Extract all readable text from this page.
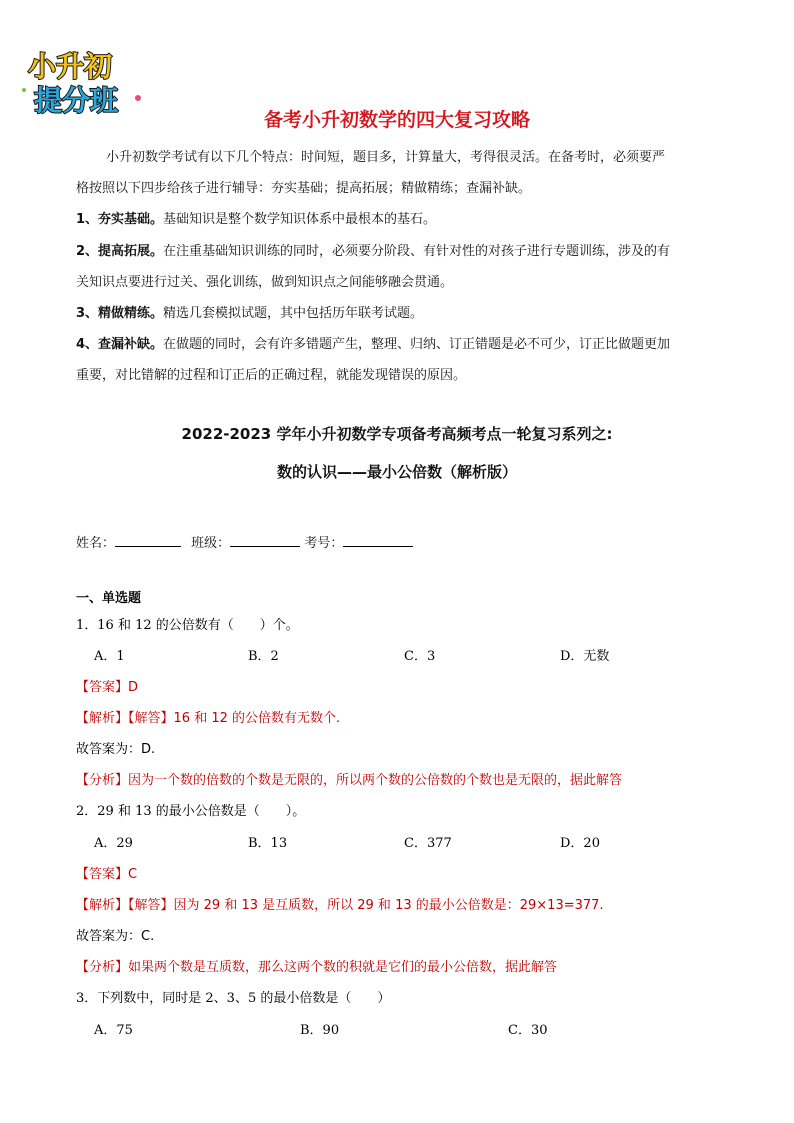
小升初
提分班
备考小升初数学的四大复习攻略
小升初数学考试有以下几个特点：时间短，题目多，计算量大，考得很灵活。在备考时，必须要严
格按照以下四步给孩子进行辅导：夯实基础；提高拓展；精做精练；查漏补缺。
1、夯实基础。基础知识是整个数学知识体系中最根本的基石。
2、提高拓展。在注重基础知识训练的同时，必须要分阶段、有针对性的对孩子进行专题训练，涉及的有
关知识点要进行过关、强化训练，做到知识点之间能够融会贯通。
3、精做精练。精选几套模拟试题，其中包括历年联考试题。
4、查漏补缺。在做题的同时，会有许多错题产生，整理、归纳、订正错题是必不可少，订正比做题更加
重要，对比错解的过程和订正后的正确过程，就能发现错误的原因。
2022-2023 学年小升初数学专项备考高频考点一轮复习系列之:
数的认识——最小公倍数（解析版）
姓名：	班级：	考号：
一、单选题
1．16 和 12 的公倍数有（　　）个。
A．1	B．2	C．3	D．无数
【答案】D
【解析】【解答】16 和 12 的公倍数有无数个.
故答案为：D.
【分析】因为一个数的倍数的个数是无限的，所以两个数的公倍数的个数也是无限的，据此解答
2．29 和 13 的最小公倍数是（　　）。
A．29	B．13	C．377	D．20
【答案】C
【解析】【解答】因为 29 和 13 是互质数，所以 29 和 13 的最小公倍数是：29×13=377.
故答案为：C.
【分析】如果两个数是互质数，那么这两个数的积就是它们的最小公倍数，据此解答
3．下列数中，同时是 2、3、5 的最小倍数是（　　）
A．75	B．90	C．30
